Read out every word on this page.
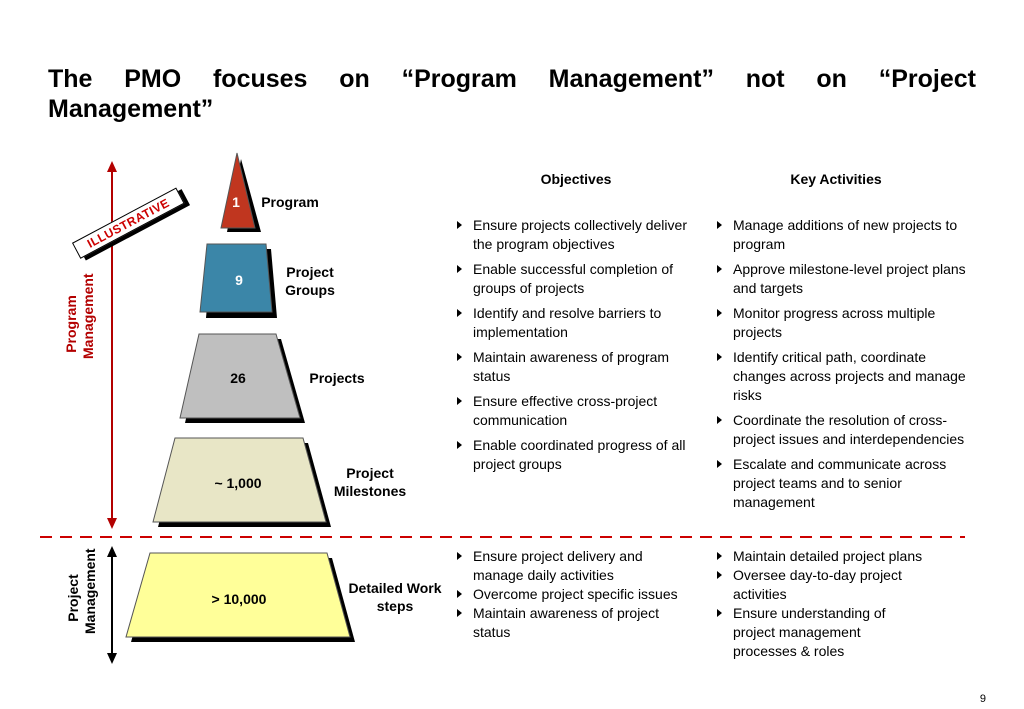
The PMO focuses on “Program Management” not on “Project
Management”
ILLUSTRATIVE
Program Management
Project Management
1
9
26
~ 1,000
> 10,000
Program
Project Groups
Projects
Project Milestones
Detailed Work steps
Objectives	Key Activities
Ensure projects collectively deliver the program objectives
Enable successful completion of groups of projects
Identify and resolve barriers to implementation
Maintain awareness of program status
Ensure effective cross-project communication
Enable coordinated progress of all project groups
Manage additions of new projects to program
Approve milestone-level project plans and targets
Monitor progress across multiple projects
Identify critical path, coordinate changes across projects and manage risks
Coordinate the resolution of cross-project issues and interdependencies
Escalate and communicate across project teams and to senior management
Ensure project delivery and manage daily activities
Overcome project specific issues
Maintain awareness of project status
Maintain detailed project plans
Oversee day-to-day project activities
Ensure understanding of project management processes & roles
9
